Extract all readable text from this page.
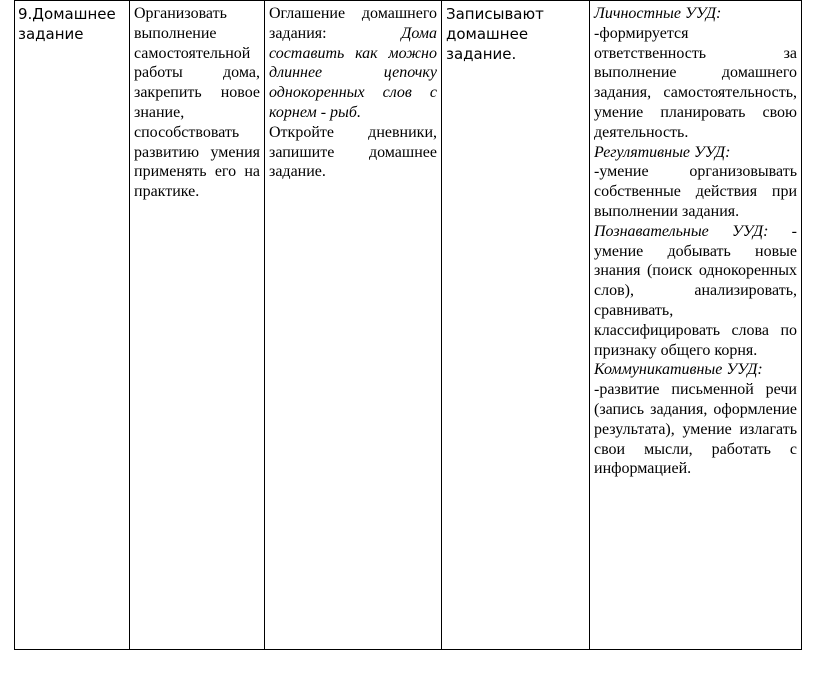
9.Домашнее задание

Организовать выполнение самостоятельной работы дома, закрепить новое знание, способствовать развитию умения применять его на практике.

Оглашение домашнего задания: Дома составить как можно длиннее цепочку однокоренных слов с корнем - рыб.

Откройте дневники, запишите домашнее задание.

Записывают домашнее задание.

Личностные УУД:

-формируется ответственность за выполнение домашнего задания, самостоятельность, умение планировать свою деятельность.

Регулятивные УУД:

-умение организовывать собственные действия при выполнении задания.

Познавательные УУД: - умение добывать новые знания (поиск однокоренных слов), анализировать, сравнивать, классифицировать слова по признаку общего корня.

Коммуникативные УУД:

-развитие письменной речи (запись задания, оформление результата), умение излагать свои мысли, работать с информацией.
